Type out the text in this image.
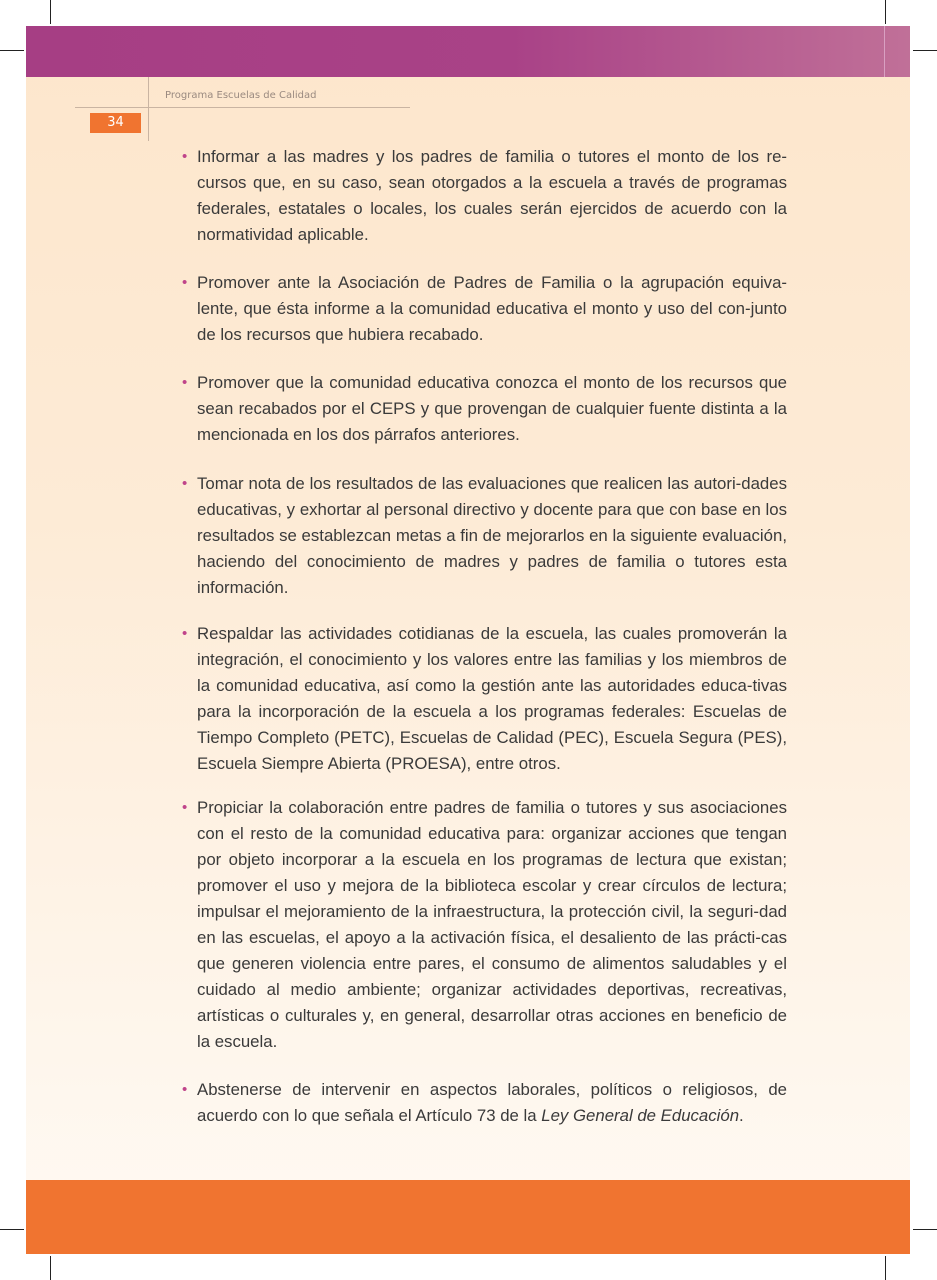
Programa Escuelas de Calidad
34
• Informar a las madres y los padres de familia o tutores el monto de los re-cursos que, en su caso, sean otorgados a la escuela a través de programas federales, estatales o locales, los cuales serán ejercidos de acuerdo con la normatividad aplicable.
• Promover ante la Asociación de Padres de Familia o la agrupación equiva-lente, que ésta informe a la comunidad educativa el monto y uso del con-junto de los recursos que hubiera recabado.
• Promover que la comunidad educativa conozca el monto de los recursos que sean recabados por el CEPS y que provengan de cualquier fuente distinta a la mencionada en los dos párrafos anteriores.
• Tomar nota de los resultados de las evaluaciones que realicen las autori-dades educativas, y exhortar al personal directivo y docente para que con base en los resultados se establezcan metas a fin de mejorarlos en la siguiente evaluación, haciendo del conocimiento de madres y padres de familia o tutores esta información.
• Respaldar las actividades cotidianas de la escuela, las cuales promoverán la integración, el conocimiento y los valores entre las familias y los miembros de la comunidad educativa, así como la gestión ante las autoridades educa-tivas para la incorporación de la escuela a los programas federales: Escuelas de Tiempo Completo (PETC), Escuelas de Calidad (PEC), Escuela Segura (PES), Escuela Siempre Abierta (PROESA), entre otros.
• Propiciar la colaboración entre padres de familia o tutores y sus asociaciones con el resto de la comunidad educativa para: organizar acciones que tengan por objeto incorporar a la escuela en los programas de lectura que existan; promover el uso y mejora de la biblioteca escolar y crear círculos de lectura; impulsar el mejoramiento de la infraestructura, la protección civil, la seguri-dad en las escuelas, el apoyo a la activación física, el desaliento de las prácti-cas que generen violencia entre pares, el consumo de alimentos saludables y el cuidado al medio ambiente; organizar actividades deportivas, recreativas, artísticas o culturales y, en general, desarrollar otras acciones en beneficio de la escuela.
• Abstenerse de intervenir en aspectos laborales, políticos o religiosos, de acuerdo con lo que señala el Artículo 73 de la Ley General de Educación.
